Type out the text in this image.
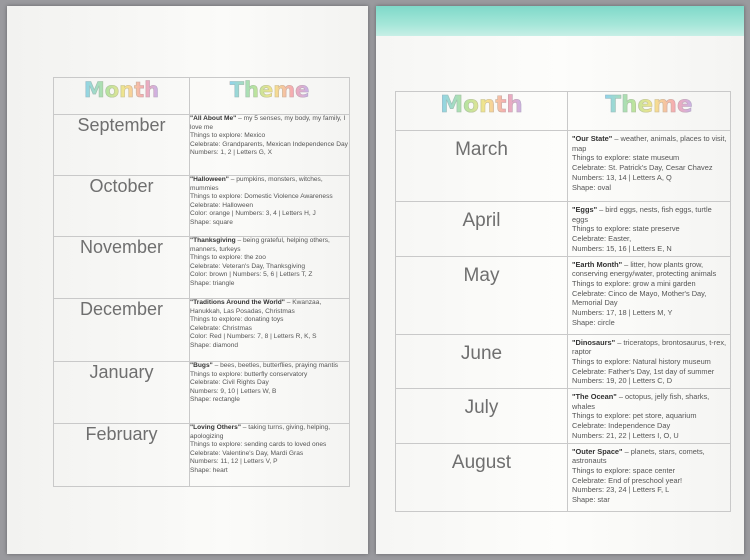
Month	Theme
September	"All About Me" – my 5 senses, my body, my family, I love me
Things to explore: Mexico
Celebrate: Grandparents, Mexican Independence Day
Numbers: 1, 2 | Letters G, X

October	"Halloween" – pumpkins, monsters, witches, mummies
Things to explore: Domestic Violence Awareness
Celebrate: Halloween
Color: orange | Numbers: 3, 4 | Letters H, J
Shape: square

November	"Thanksgiving – being grateful, helping others, manners, turkeys
Things to explore: the zoo
Celebrate: Veteran's Day, Thanksgiving
Color: brown | Numbers: 5, 6 | Letters T, Z
Shape: triangle

December	"Traditions Around the World" – Kwanzaa, Hanukkah, Las Posadas, Christmas
Things to explore: donating toys
Celebrate: Christmas
Color: Red | Numbers: 7, 8 | Letters R, K, S
Shape: diamond

January	"Bugs" – bees, beetles, butterflies, praying mantis
Things to explore: butterfly conservatory
Celebrate: Civil Rights Day
Numbers: 9, 10 | Letters W, B
Shape: rectangle

February	"Loving Others" – taking turns, giving, helping, apologizing
Things to explore: sending cards to loved ones
Celebrate: Valentine's Day, Mardi Gras
Numbers: 11, 12 | Letters V, P
Shape: heart
Month	Theme
March	"Our State" – weather, animals, places to visit, map
Things to explore: state museum
Celebrate: St. Patrick's Day, Cesar Chavez
Numbers: 13, 14 | Letters A, Q
Shape: oval

April	"Eggs" – bird eggs, nests, fish eggs, turtle eggs
Things to explore: state preserve
Celebrate: Easter,
Numbers: 15, 16 | Letters E, N

May	"Earth Month" – litter, how plants grow, conserving energy/water, protecting animals
Things to explore: grow a mini garden
Celebrate: Cinco de Mayo, Mother's Day, Memorial Day
Numbers: 17, 18 | Letters M, Y
Shape: circle

June	"Dinosaurs" – triceratops, brontosaurus, t-rex, raptor
Things to explore: Natural history museum
Celebrate: Father's Day, 1st day of summer
Numbers: 19, 20 | Letters C, D

July	"The Ocean" – octopus, jelly fish, sharks, whales
Things to explore: pet store, aquarium
Celebrate: Independence Day
Numbers: 21, 22 | Letters I, O, U

August	"Outer Space" – planets, stars, comets, astronauts
Things to explore: space center
Celebrate: End of preschool year!
Numbers: 23, 24 | Letters F, L
Shape: star
